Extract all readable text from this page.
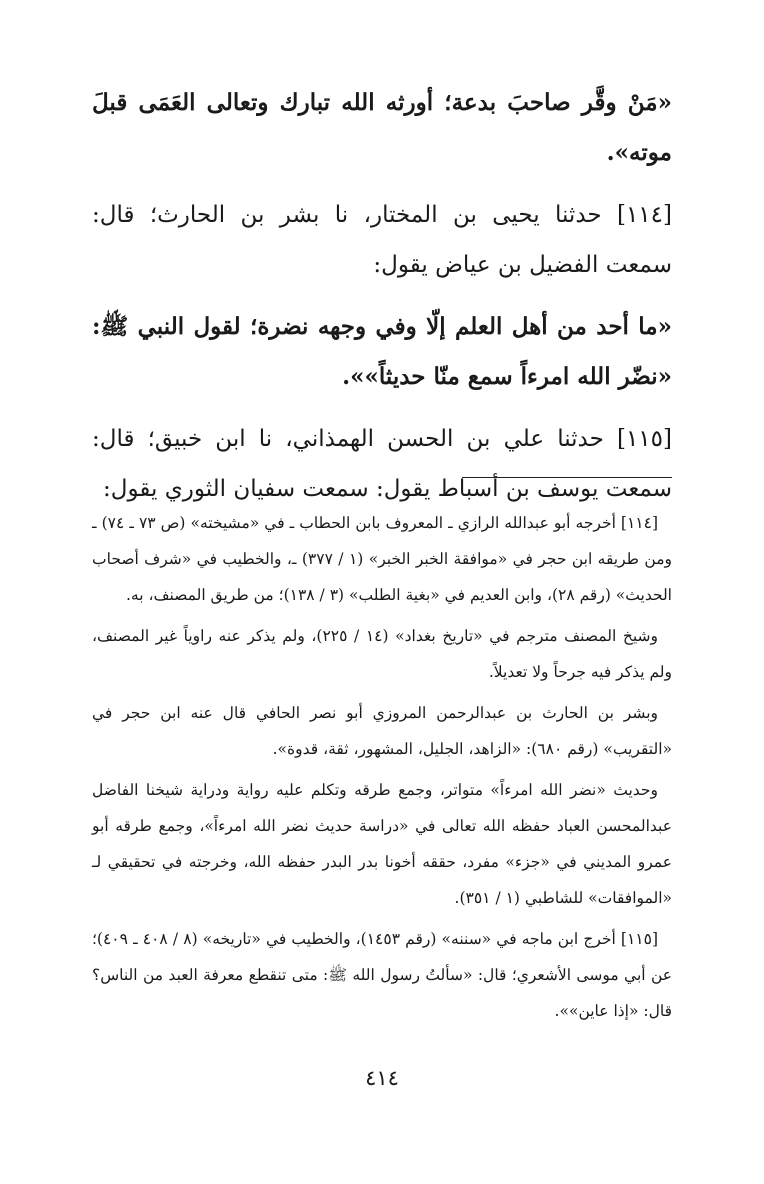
«مَنْ وقَّر صاحبَ بدعة؛ أورثه الله تبارك وتعالى العَمَى قبلَ موته».

[١١٤] حدثنا يحيى بن المختار، نا بشر بن الحارث؛ قال: سمعت الفضيل بن عياض يقول:

«ما أحد من أهل العلم إلّا وفي وجهه نضرة؛ لقول النبي ﷺ: «نضّر الله امرءاً سمع منّا حديثاً»».

[١١٥] حدثنا علي بن الحسن الهمذاني، نا ابن خبيق؛ قال: سمعت يوسف بن أسباط يقول: سمعت سفيان الثوري يقول:

[١١٤] أخرجه أبو عبدالله الرازي ـ المعروف بابن الحطاب ـ في «مشيخته» (ص ٧٣ ـ ٧٤) ـ ومن طريقه ابن حجر في «موافقة الخبر الخبر» (١ / ٣٧٧) ـ، والخطيب في «شرف أصحاب الحديث» (رقم ٢٨)، وابن العديم في «بغية الطلب» (٣ / ١٣٨)؛ من طريق المصنف، به.

وشيخ المصنف مترجم في «تاريخ بغداد» (١٤ / ٢٢٥)، ولم يذكر عنه راوياً غير المصنف، ولم يذكر فيه جرحاً ولا تعديلاً.

وبشر بن الحارث بن عبدالرحمن المروزي أبو نصر الحافي قال عنه ابن حجر في «التقريب» (رقم ٦٨٠): «الزاهد، الجليل، المشهور، ثقة، قدوة».

وحديث «نضر الله امرءاً» متواتر، وجمع طرقه وتكلم عليه رواية ودراية شيخنا الفاضل عبدالمحسن العباد حفظه الله تعالى في «دراسة حديث نضر الله امرءاً»، وجمع طرقه أبو عمرو المديني في «جزء» مفرد، حققه أخونا بدر البدر حفظه الله، وخرجته في تحقيقي لـ «الموافقات» للشاطبي (١ / ٣٥١).

[١١٥] أخرج ابن ماجه في «سننه» (رقم ١٤٥٣)، والخطيب في «تاريخه» (٨ / ٤٠٨ ـ ٤٠٩)؛ عن أبي موسى الأشعري؛ قال: «سألتُ رسول الله ﷺ: متى تنقطع معرفة العبد من الناس؟ قال: «إذا عاين»».

٤١٤
